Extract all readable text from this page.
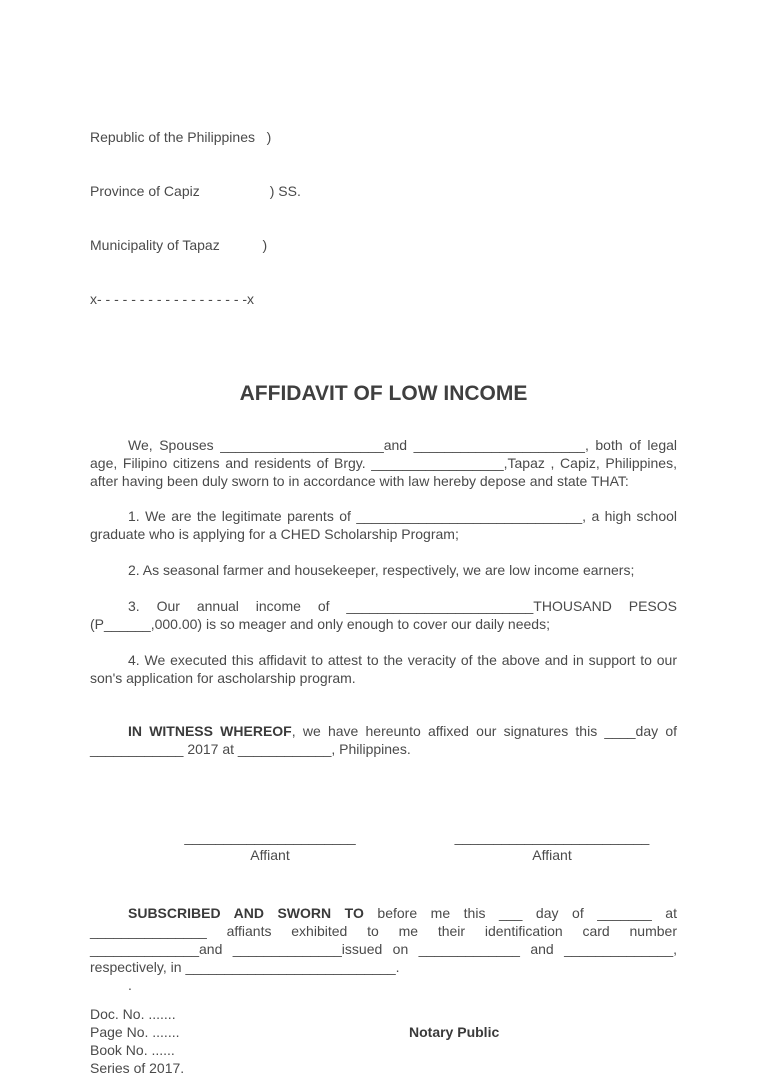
Republic of the Philippines   )

Province of Capiz                  ) SS.

Municipality of Tapaz           )

x- - - - - - - - - - - - - - - - - -x

AFFIDAVIT OF LOW INCOME

We, Spouses _____________________and ______________________, both of legal age, Filipino citizens and residents of Brgy. _________________,Tapaz , Capiz, Philippines, after having been duly sworn to in accordance with law hereby depose and state THAT:

1. We are the legitimate parents of _____________________________, a high school graduate who is applying for a CHED Scholarship Program;

2. As seasonal farmer and housekeeper, respectively, we are low income earners;

3. Our annual income of ________________________THOUSAND PESOS (P______,000.00) is so meager and only enough to cover our daily needs;

4. We executed this affidavit to attest to the veracity of the above and in support to our son's application for ascholarship program.

IN WITNESS WHEREOF, we have hereunto affixed our signatures this ____day of ____________ 2017 at ____________, Philippines.

______________________
Affiant
_________________________
Affiant

SUBSCRIBED AND SWORN TO before me this ___ day of _______ at _______________ affiants exhibited to me their identification card number ______________and ______________issued on _____________ and ______________, respectively, in ___________________________.

.
Doc. No. .......
Page No. .......
Book No. ......
Series of 2017.
Notary Public
